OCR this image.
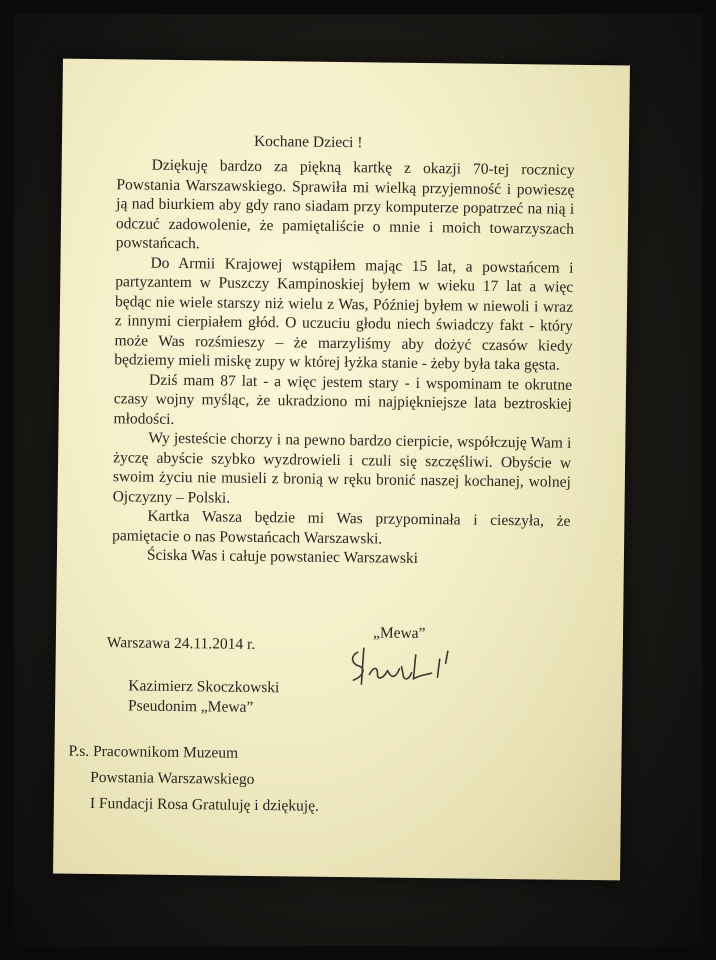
Kochane Dzieci !

Dziękuję bardzo za piękną kartkę z okazji 70-tej rocznicy Powstania Warszawskiego. Sprawiła mi wielką przyjemność i powieszę ją nad biurkiem aby gdy rano siadam przy komputerze popatrzeć na nią i odczuć zadowolenie, że pamiętaliście o mnie i moich towarzyszach powstańcach.

Do Armii Krajowej wstąpiłem mając 15 lat, a powstańcem i partyzantem w Puszczy Kampinoskiej byłem w wieku 17 lat a więc będąc nie wiele starszy niż wielu z Was, Później byłem w niewoli i wraz z innymi cierpiałem głód. O uczuciu głodu niech świadczy fakt - który może Was rozśmieszy – że marzyliśmy aby dożyć czasów kiedy będziemy mieli miskę zupy w której łyżka stanie - żeby była taka gęsta.

Dziś mam 87 lat - a więc jestem stary - i wspominam te okrutne czasy wojny myśląc, że ukradziono mi najpiękniejsze lata beztroskiej młodości.

Wy jesteście chorzy i na pewno bardzo cierpicie, współczuję Wam i życzę abyście szybko wyzdrowieli i czuli się szczęśliwi. Obyście w swoim życiu nie musieli z bronią w ręku bronić naszej kochanej, wolnej Ojczyzny – Polski.

Kartka Wasza będzie mi Was przypominała i cieszyła, że pamiętacie o nas Powstańcach Warszawski.

Ściska Was i całuje powstaniec Warszawski

„Mewa”
Warszawa 24.11.2014 r.
Kazimierz Skoczkowski
Pseudonim „Mewa”
P.s. Pracownikom Muzeum
Powstania Warszawskiego
I Fundacji Rosa Gratuluję i dziękuję.
